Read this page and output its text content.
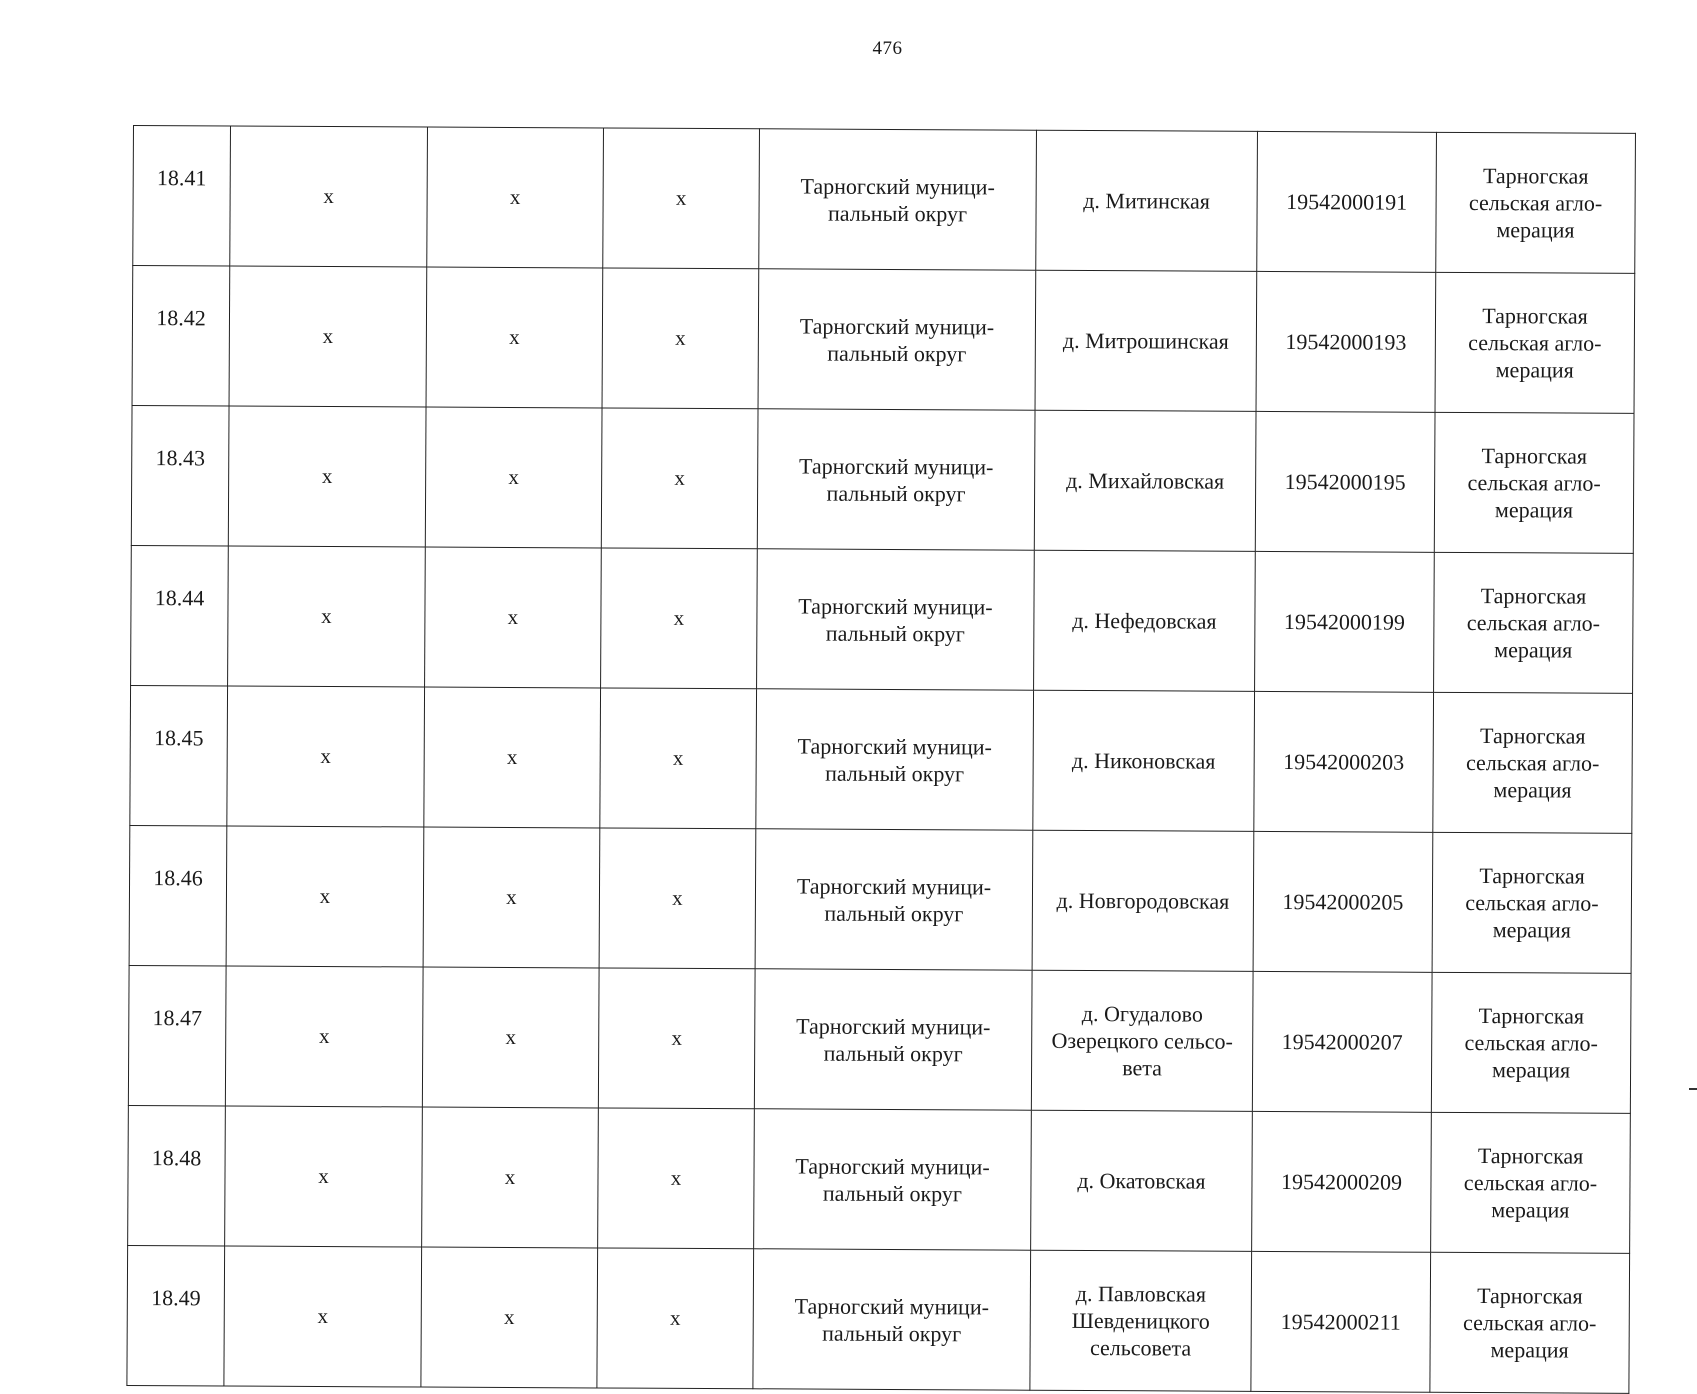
476
18.41	x	x	x	Тарногский муници-пальный округ	д. Митинская	19542000191	Тарногская сельская агло-мерация
18.42	x	x	x	Тарногский муници-пальный округ	д. Митрошинская	19542000193	Тарногская сельская агло-мерация
18.43	x	x	x	Тарногский муници-пальный округ	д. Михайловская	19542000195	Тарногская сельская агло-мерация
18.44	x	x	x	Тарногский муници-пальный округ	д. Нефедовская	19542000199	Тарногская сельская агло-мерация
18.45	x	x	x	Тарногский муници-пальный округ	д. Никоновская	19542000203	Тарногская сельская агло-мерация
18.46	x	x	x	Тарногский муници-пальный округ	д. Новгородовская	19542000205	Тарногская сельская агло-мерация
18.47	x	x	x	Тарногский муници-пальный округ	д. Огудалово Озерецкого сельсо-вета	19542000207	Тарногская сельская агло-мерация
18.48	x	x	x	Тарногский муници-пальный округ	д. Окатовская	19542000209	Тарногская сельская агло-мерация
18.49	x	x	x	Тарногский муници-пальный округ	д. Павловская Шевденицкого сельсовета	19542000211	Тарногская сельская агло-мерация
